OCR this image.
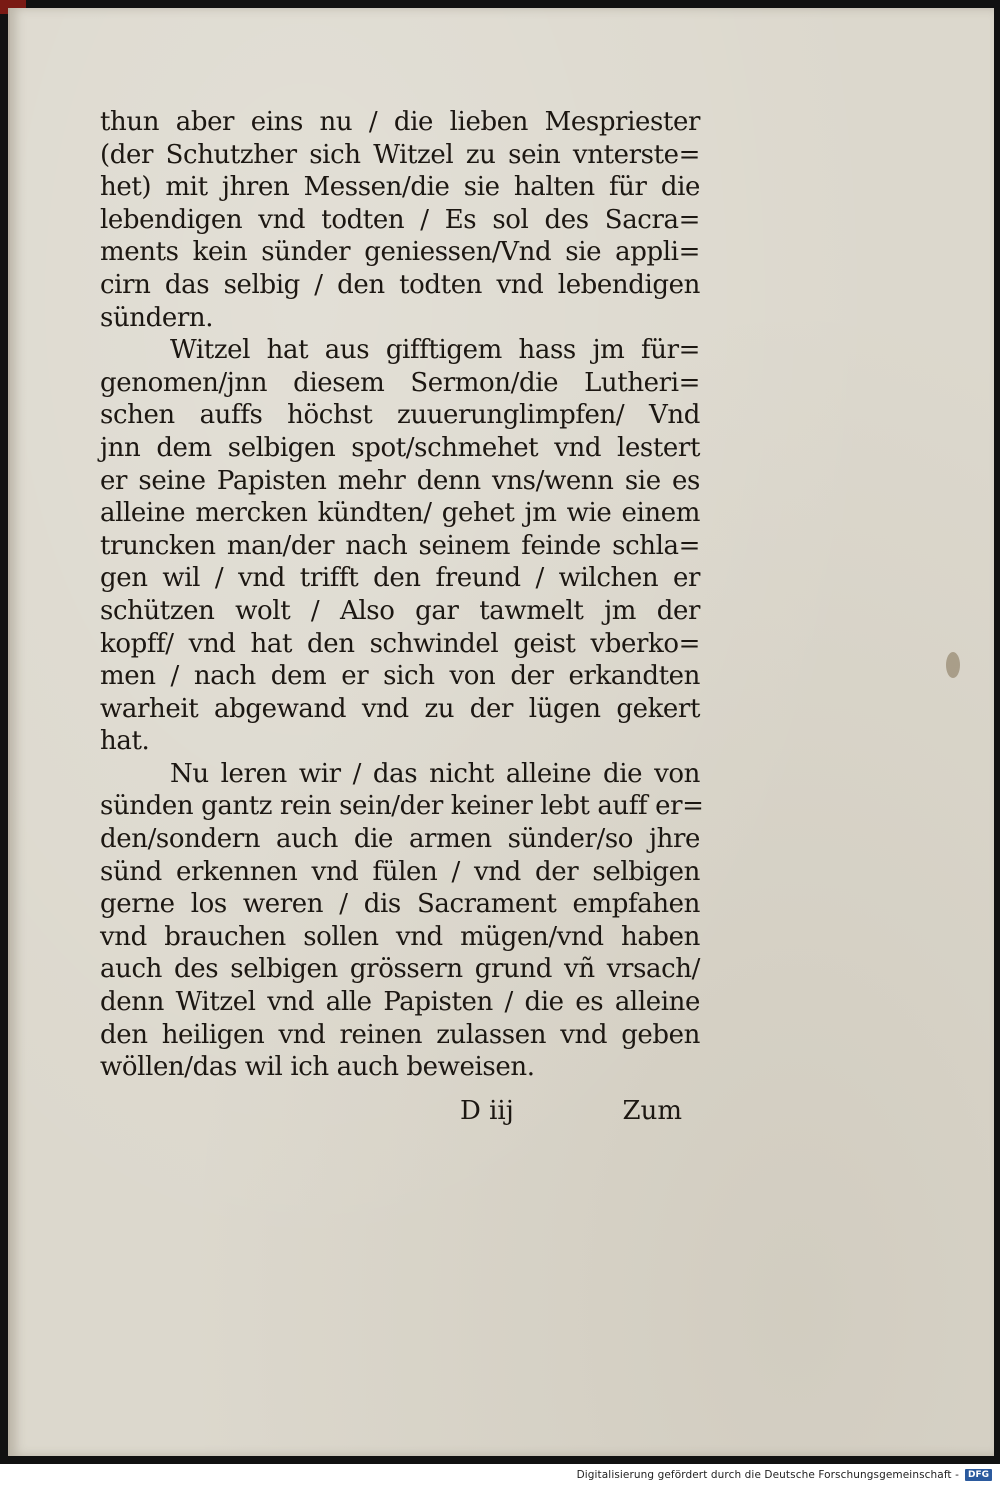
thun aber eins nu / die lieben Mespriester
(der Schutzher sich Witzel zu sein vnterste=
het) mit jhren Messen/die sie halten für die
lebendigen vnd todten / Es sol des Sacra=
ments kein sünder geniessen/Vnd sie appli=
cirn das selbig / den todten vnd lebendigen
sündern.
Witzel hat aus gifftigem hass jm für=
genomen/jnn diesem Sermon/die Lutheri=
schen auffs höchst zuuerunglimpfen/ Vnd
jnn dem selbigen spot/schmehet vnd lestert
er seine Papisten mehr denn vns/wenn sie es
alleine mercken kündten/ gehet jm wie einem
truncken man/der nach seinem feinde schla=
gen wil / vnd trifft den freund / wilchen er
schützen wolt / Also gar tawmelt jm der
kopff/ vnd hat den schwindel geist vberko=
men / nach dem er sich von der erkandten
warheit abgewand vnd zu der lügen gekert
hat.
Nu leren wir / das nicht alleine die von
sünden gantz rein sein/der keiner lebt auff er=
den/sondern auch die armen sünder/so jhre
sünd erkennen vnd fülen / vnd der selbigen
gerne los weren / dis Sacrament empfahen
vnd brauchen sollen vnd mügen/vnd haben
auch des selbigen grössern grund vñ vrsach/
denn Witzel vnd alle Papisten / die es alleine
den heiligen vnd reinen zulassen vnd geben
wöllen/das wil ich auch beweisen.
D iij	Zum
Digitalisierung gefördert durch die Deutsche Forschungsgemeinschaft -	DFG
